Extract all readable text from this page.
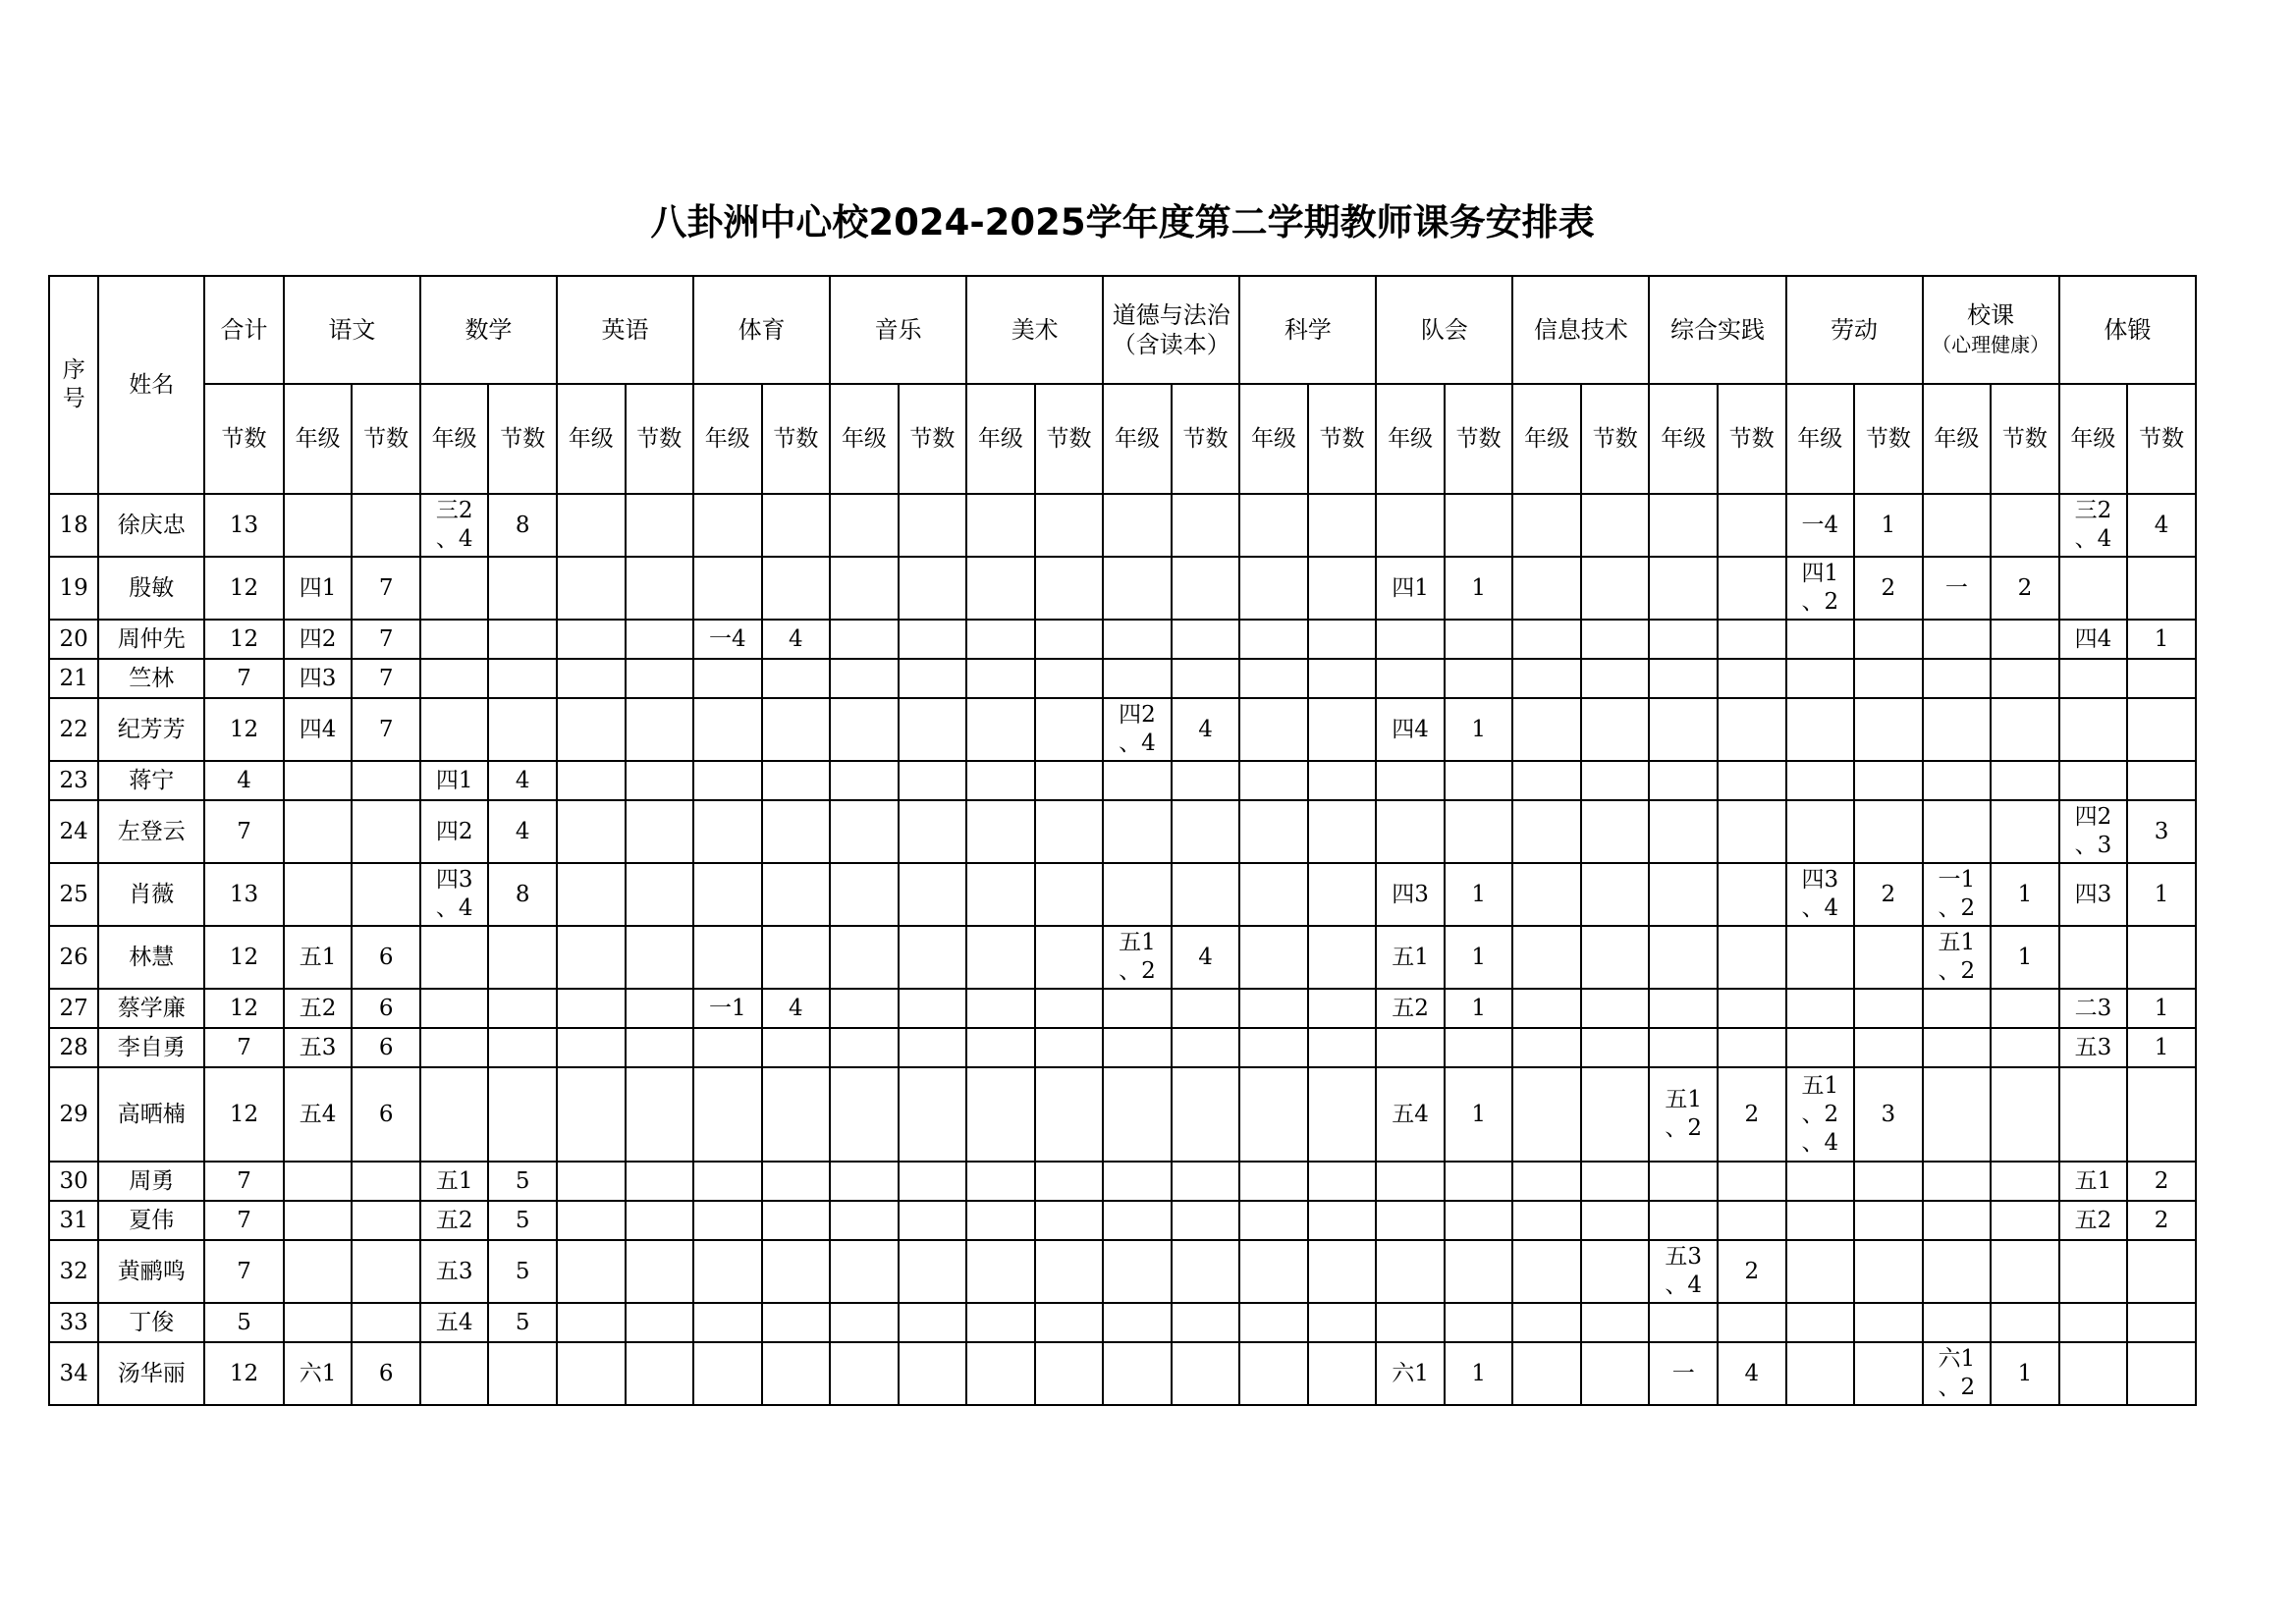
八卦洲中心校2024-2025学年度第二学期教师课务安排表
序号	姓名	合计	语文		数学		英语		体育		音乐		美术		道德与法治
（含读本）		科学		队会		信息技术		综合实践		劳动		校课
（心理健康）		体锻	

		节数	年级	节数	年级	节数	年级	节数	年级	节数	年级	节数	年级	节数	年级	节数	年级	节数	年级	节数	年级	节数	年级	节数	年级	节数	年级	节数	年级	节数
18	徐庆忠	13			三2
、4	8																			一4	1			三2
、4	4
19	殷敏	12	四1	7															四1	1					四1
、2	2	一	2	

20	周仲先	12	四2	7					一4	4																			四4	1
21	竺林	7	四3	7	

22	纪芳芳	12	四4	7											四2
、4	4			四4	1	

23	蒋宁	4			四1	4	

24	左登云	7			四2	4																							四2
、3	3
25	肖薇	13			四3
、4	8													四3	1					四3
、4	2	一1
、2	1	四3	1
26	林慧	12	五1	6											五1
、2	4			五1	1							五1
、2	1	

27	蔡学廉	12	五2	6					一1	4									五2	1									二3	1
28	李自勇	7	五3	6																									五3	1
29	高晒楠	12	五4	6															五4	1			五1
、2	2	五1
、2
、4	3	

30	周勇	7			五1	5																							五1	2
31	夏伟	7			五2	5																							五2	2
32	黄鹂鸣	7			五3	5																	五3
、4	2	

33	丁俊	5			五4	5	

34	汤华丽	12	六1	6															六1	1			一	4			六1
、2	1	
